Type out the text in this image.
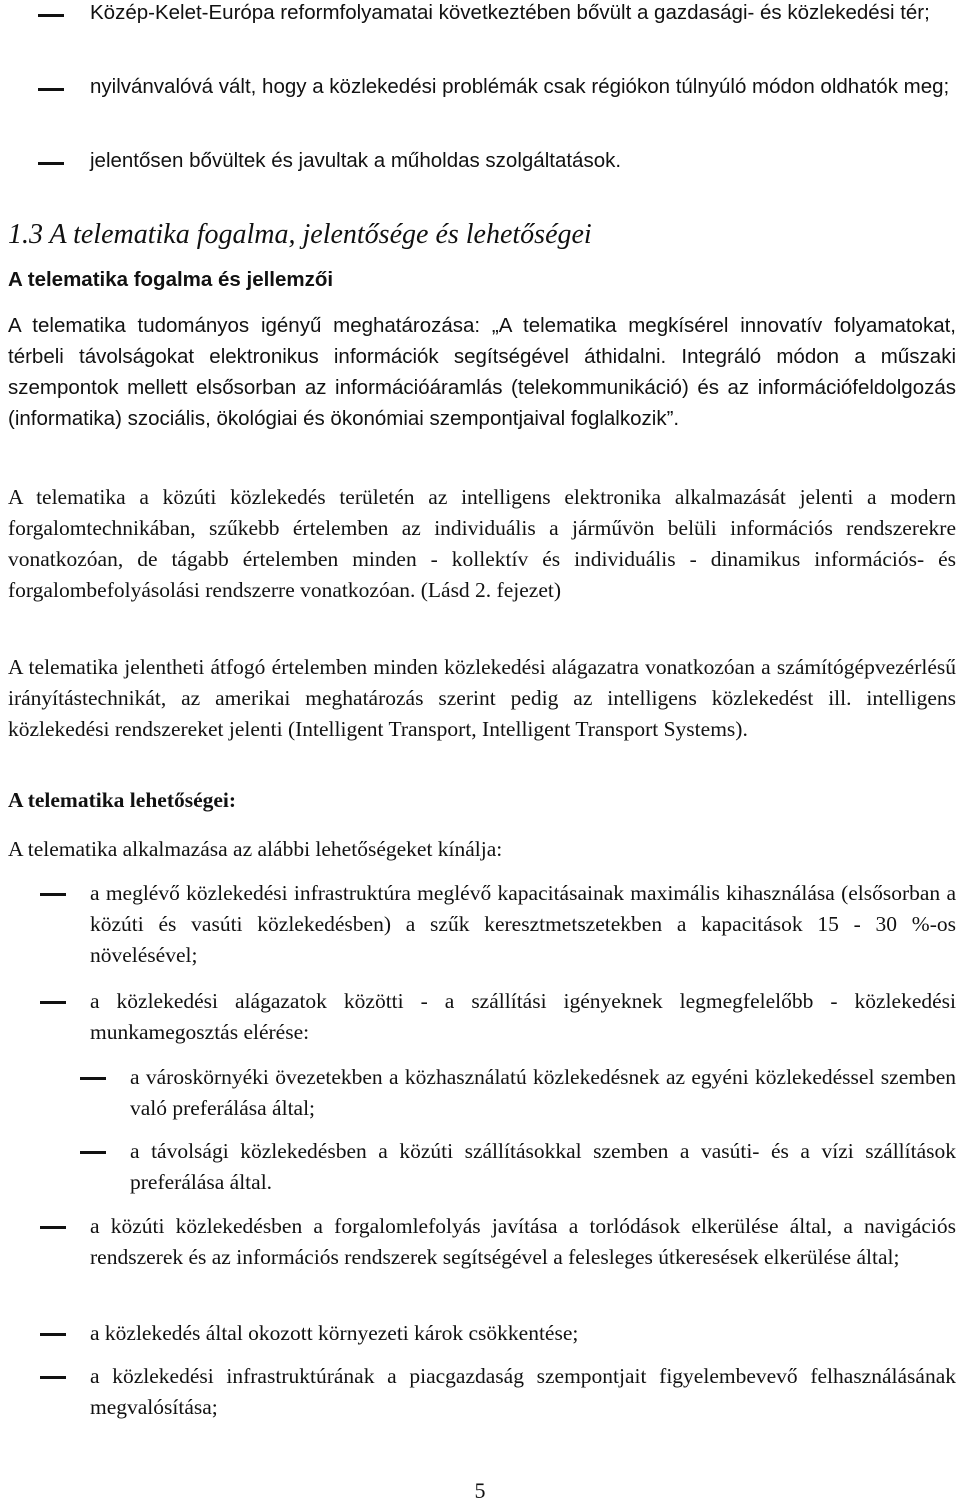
Közép-Kelet-Európa reformfolyamatai következtében bővült a gazdasági- és közlekedési tér;
nyilvánvalóvá vált, hogy a közlekedési problémák csak régiókon túlnyúló módon oldhatók meg;
jelentősen bővültek és javultak a műholdas szolgáltatások.
1.3 A telematika fogalma, jelentősége és lehetőségei
A telematika fogalma és jellemzői
A telematika tudományos igényű meghatározása: „A telematika megkísérel innovatív folyamatokat, térbeli távolságokat elektronikus információk segítségével áthidalni. Integráló módon a műszaki szempontok mellett elsősorban az információáramlás (telekommunikáció) és az információfeldolgozás (informatika) szociális, ökológiai és ökonómiai szempontjaival foglalkozik”.
A telematika a közúti közlekedés területén az intelligens elektronika alkalmazását jelenti a modern forgalomtechnikában, szűkebb értelemben az individuális a járművön belüli információs rendszerekre vonatkozóan, de tágabb értelemben minden - kollektív és individuális - dinamikus információs- és forgalombefolyásolási rendszerre vonatkozóan. (Lásd 2. fejezet)
A telematika jelentheti átfogó értelemben minden közlekedési alágazatra vonatkozóan a számítógépvezérlésű irányítástechnikát, az amerikai meghatározás szerint pedig az intelligens közlekedést ill. intelligens közlekedési rendszereket jelenti (Intelligent Transport, Intelligent Transport Systems).
A telematika lehetőségei:
A telematika alkalmazása az alábbi lehetőségeket kínálja:
a meglévő közlekedési infrastruktúra meglévő kapacitásainak maximális kihasználása (elsősorban a közúti és vasúti közlekedésben) a szűk keresztmetszetekben a kapacitások 15 - 30 %-os növelésével;
a közlekedési alágazatok közötti - a szállítási igényeknek legmegfelelőbb - közlekedési munkamegosztás elérése:
a városkörnyéki övezetekben a közhasználatú közlekedésnek az egyéni közlekedéssel szemben való preferálása által;
a távolsági közlekedésben a közúti szállításokkal szemben a vasúti- és a vízi szállítások preferálása által.
a közúti közlekedésben a forgalomlefolyás javítása a torlódások elkerülése által, a navigációs rendszerek és az információs rendszerek segítségével a felesleges útkeresések elkerülése által;
a közlekedés által okozott környezeti károk csökkentése;
a közlekedési infrastruktúrának a piacgazdaság szempontjait figyelembevevő felhasználásának megvalósítása;
5
